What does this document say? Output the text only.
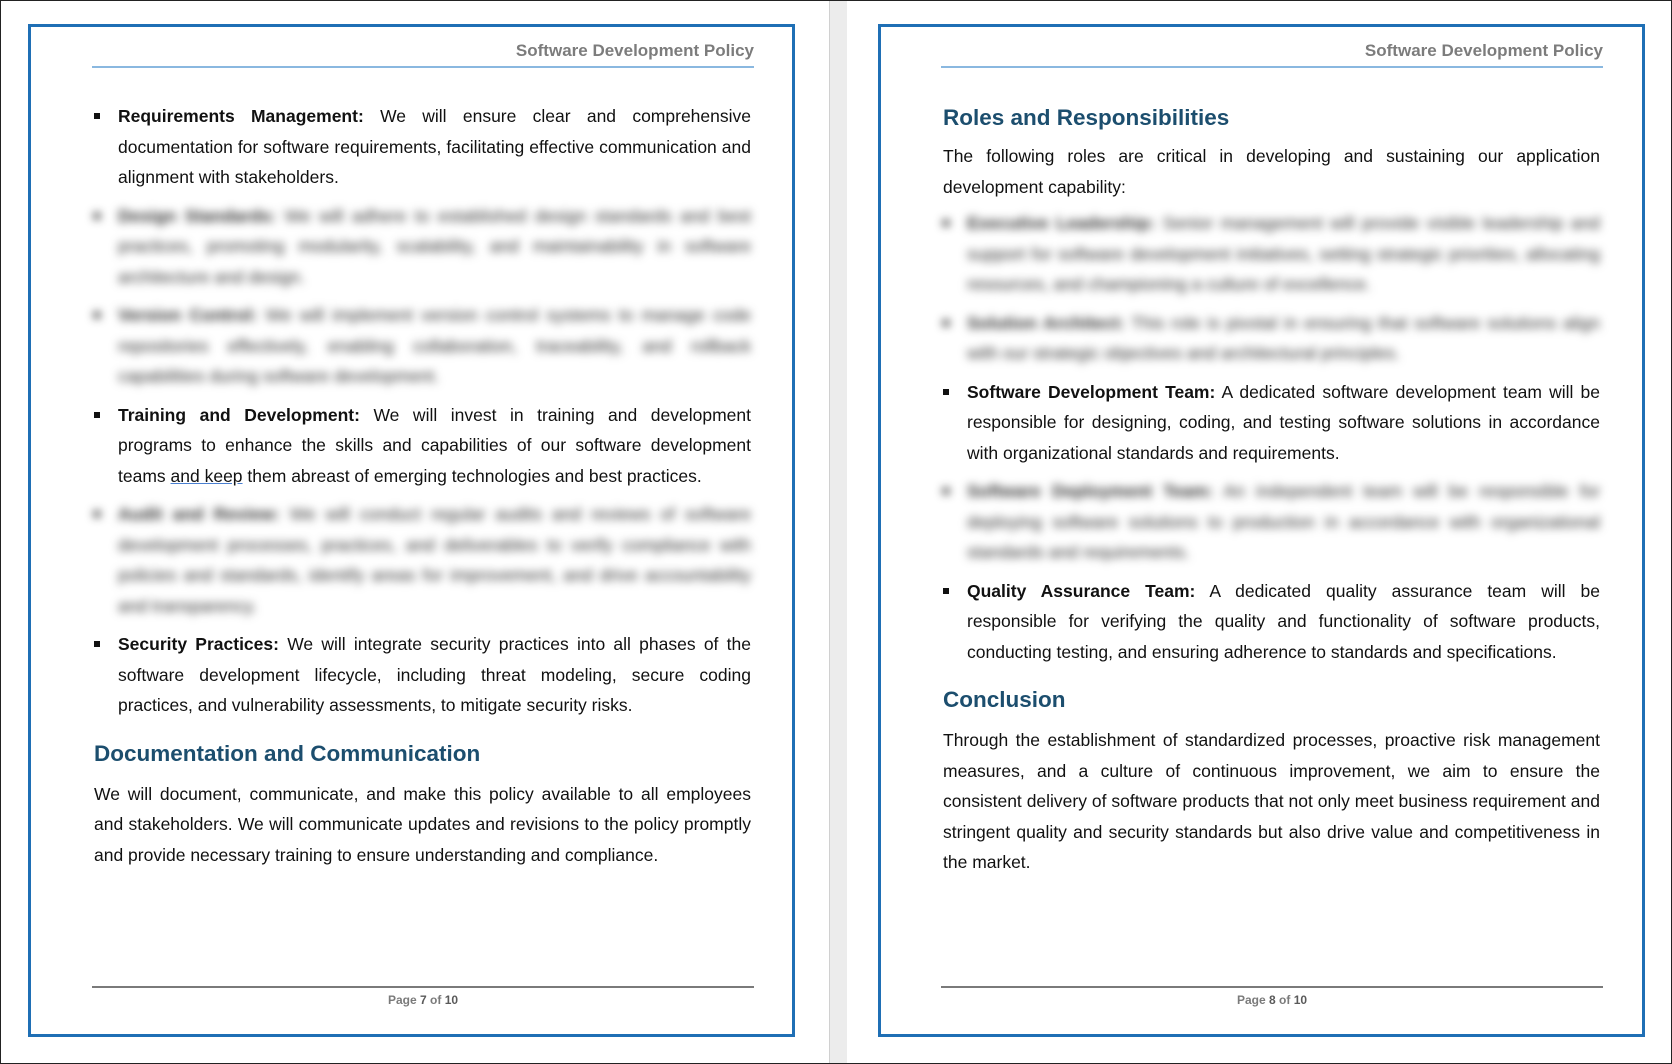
Software Development Policy
Requirements Management: We will ensure clear and comprehensive documentation for software requirements, facilitating effective communication and alignment with stakeholders.
Design Standards: We will adhere to established design standards and best practices, promoting modularity, scalability, and maintainability in software architecture and design.
Version Control: We will implement version control systems to manage code repositories effectively, enabling collaboration, traceability, and rollback capabilities during software development.
Training and Development: We will invest in training and development programs to enhance the skills and capabilities of our software development teams and keep them abreast of emerging technologies and best practices.
Audit and Review: We will conduct regular audits and reviews of software development processes, practices, and deliverables to verify compliance with policies and standards, identify areas for improvement, and drive accountability and transparency.
Security Practices: We will integrate security practices into all phases of the software development lifecycle, including threat modeling, secure coding practices, and vulnerability assessments, to mitigate security risks.
Documentation and Communication

We will document, communicate, and make this policy available to all employees and stakeholders. We will communicate updates and revisions to the policy promptly and provide necessary training to ensure understanding and compliance.

Page 7 of 10
Software Development Policy
Roles and Responsibilities

The following roles are critical in developing and sustaining our application development capability:

Executive Leadership: Senior management will provide visible leadership and support for software development initiatives, setting strategic priorities, allocating resources, and championing a culture of excellence.
Solution Architect: This role is pivotal in ensuring that software solutions align with our strategic objectives and architectural principles.
Software Development Team: A dedicated software development team will be responsible for designing, coding, and testing software solutions in accordance with organizational standards and requirements.
Software Deployment Team: An independent team will be responsible for deploying software solutions to production in accordance with organizational standards and requirements.
Quality Assurance Team: A dedicated quality assurance team will be responsible for verifying the quality and functionality of software products, conducting testing, and ensuring adherence to standards and specifications.
Conclusion

Through the establishment of standardized processes, proactive risk management measures, and a culture of continuous improvement, we aim to ensure the consistent delivery of software products that not only meet business requirement and stringent quality and security standards but also drive value and competitiveness in the market.

Page 8 of 10
